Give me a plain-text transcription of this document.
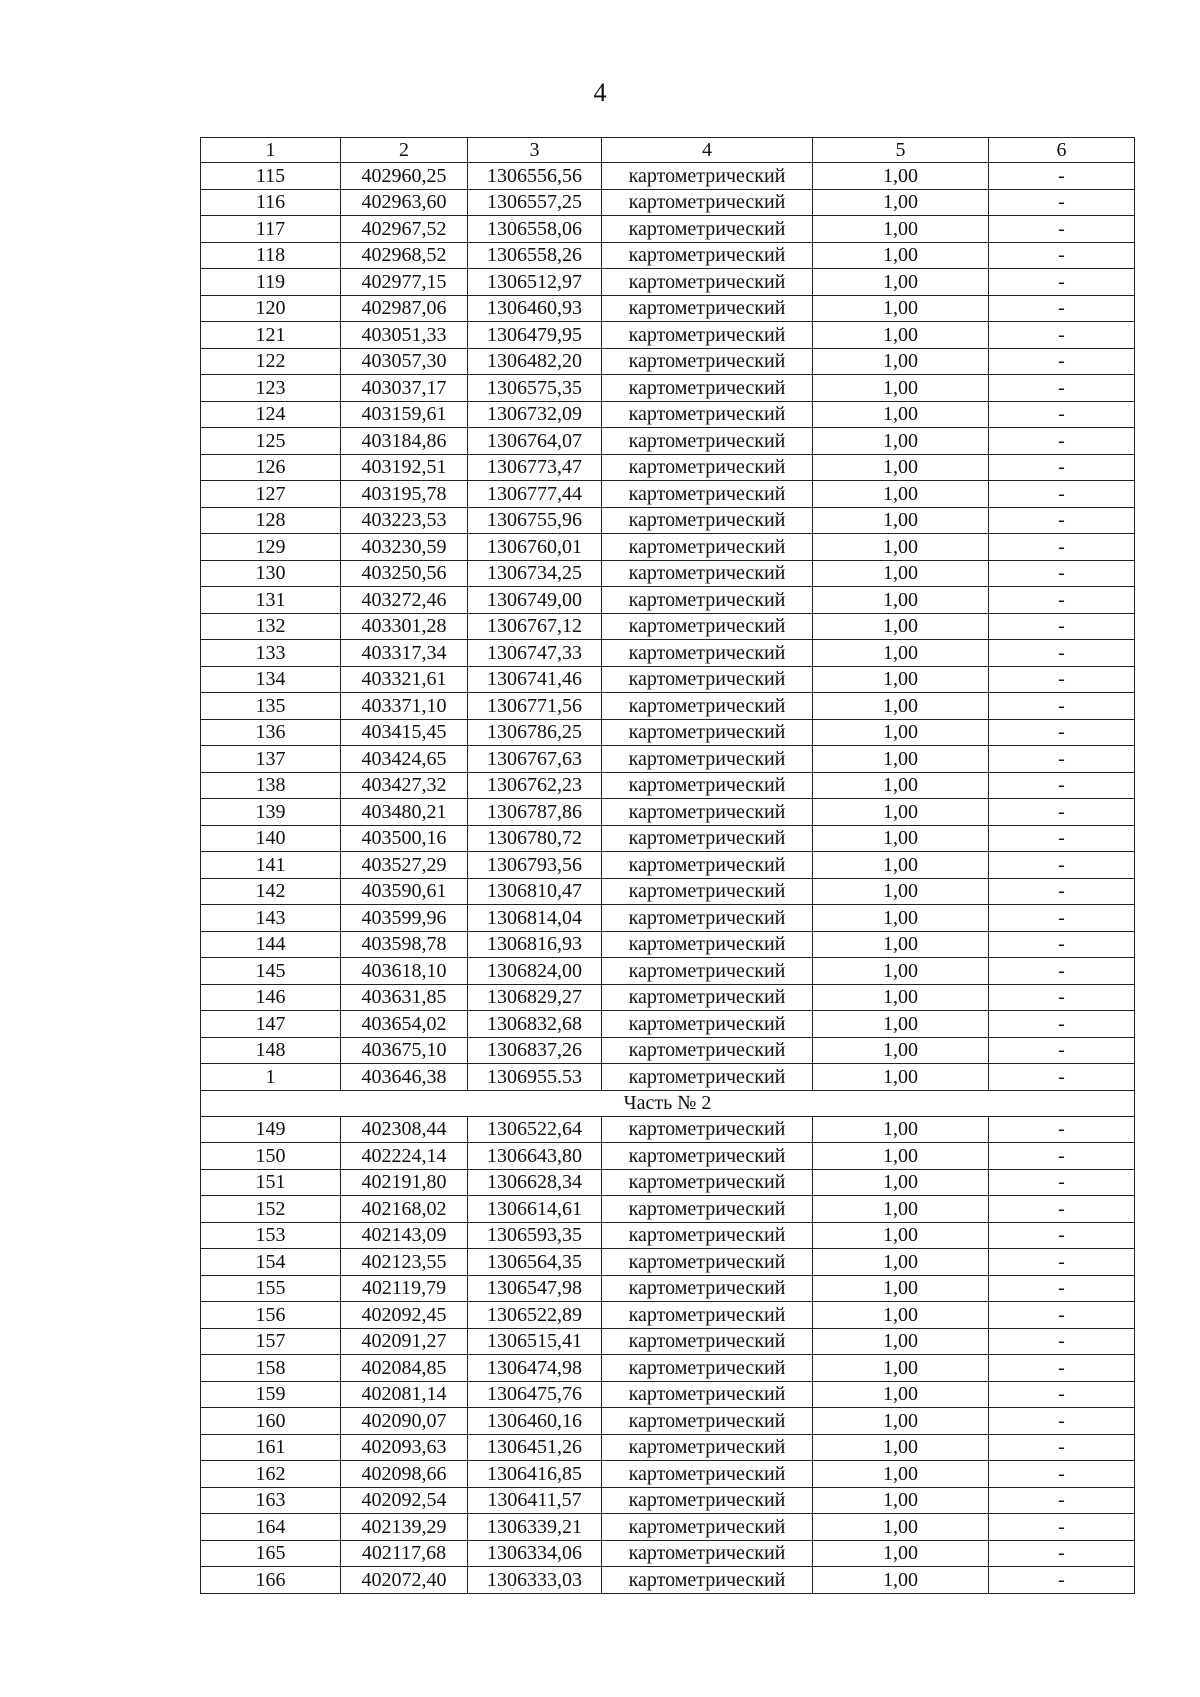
4
1	2	3	4	5	6
115	402960,25	1306556,56	картометрический	1,00	-
116	402963,60	1306557,25	картометрический	1,00	-
117	402967,52	1306558,06	картометрический	1,00	-
118	402968,52	1306558,26	картометрический	1,00	-
119	402977,15	1306512,97	картометрический	1,00	-
120	402987,06	1306460,93	картометрический	1,00	-
121	403051,33	1306479,95	картометрический	1,00	-
122	403057,30	1306482,20	картометрический	1,00	-
123	403037,17	1306575,35	картометрический	1,00	-
124	403159,61	1306732,09	картометрический	1,00	-
125	403184,86	1306764,07	картометрический	1,00	-
126	403192,51	1306773,47	картометрический	1,00	-
127	403195,78	1306777,44	картометрический	1,00	-
128	403223,53	1306755,96	картометрический	1,00	-
129	403230,59	1306760,01	картометрический	1,00	-
130	403250,56	1306734,25	картометрический	1,00	-
131	403272,46	1306749,00	картометрический	1,00	-
132	403301,28	1306767,12	картометрический	1,00	-
133	403317,34	1306747,33	картометрический	1,00	-
134	403321,61	1306741,46	картометрический	1,00	-
135	403371,10	1306771,56	картометрический	1,00	-
136	403415,45	1306786,25	картометрический	1,00	-
137	403424,65	1306767,63	картометрический	1,00	-
138	403427,32	1306762,23	картометрический	1,00	-
139	403480,21	1306787,86	картометрический	1,00	-
140	403500,16	1306780,72	картометрический	1,00	-
141	403527,29	1306793,56	картометрический	1,00	-
142	403590,61	1306810,47	картометрический	1,00	-
143	403599,96	1306814,04	картометрический	1,00	-
144	403598,78	1306816,93	картометрический	1,00	-
145	403618,10	1306824,00	картометрический	1,00	-
146	403631,85	1306829,27	картометрический	1,00	-
147	403654,02	1306832,68	картометрический	1,00	-
148	403675,10	1306837,26	картометрический	1,00	-
1	403646,38	1306955.53	картометрический	1,00	-
Часть № 2					
149	402308,44	1306522,64	картометрический	1,00	-
150	402224,14	1306643,80	картометрический	1,00	-
151	402191,80	1306628,34	картометрический	1,00	-
152	402168,02	1306614,61	картометрический	1,00	-
153	402143,09	1306593,35	картометрический	1,00	-
154	402123,55	1306564,35	картометрический	1,00	-
155	402119,79	1306547,98	картометрический	1,00	-
156	402092,45	1306522,89	картометрический	1,00	-
157	402091,27	1306515,41	картометрический	1,00	-
158	402084,85	1306474,98	картометрический	1,00	-
159	402081,14	1306475,76	картометрический	1,00	-
160	402090,07	1306460,16	картометрический	1,00	-
161	402093,63	1306451,26	картометрический	1,00	-
162	402098,66	1306416,85	картометрический	1,00	-
163	402092,54	1306411,57	картометрический	1,00	-
164	402139,29	1306339,21	картометрический	1,00	-
165	402117,68	1306334,06	картометрический	1,00	-
166	402072,40	1306333,03	картометрический	1,00	-
